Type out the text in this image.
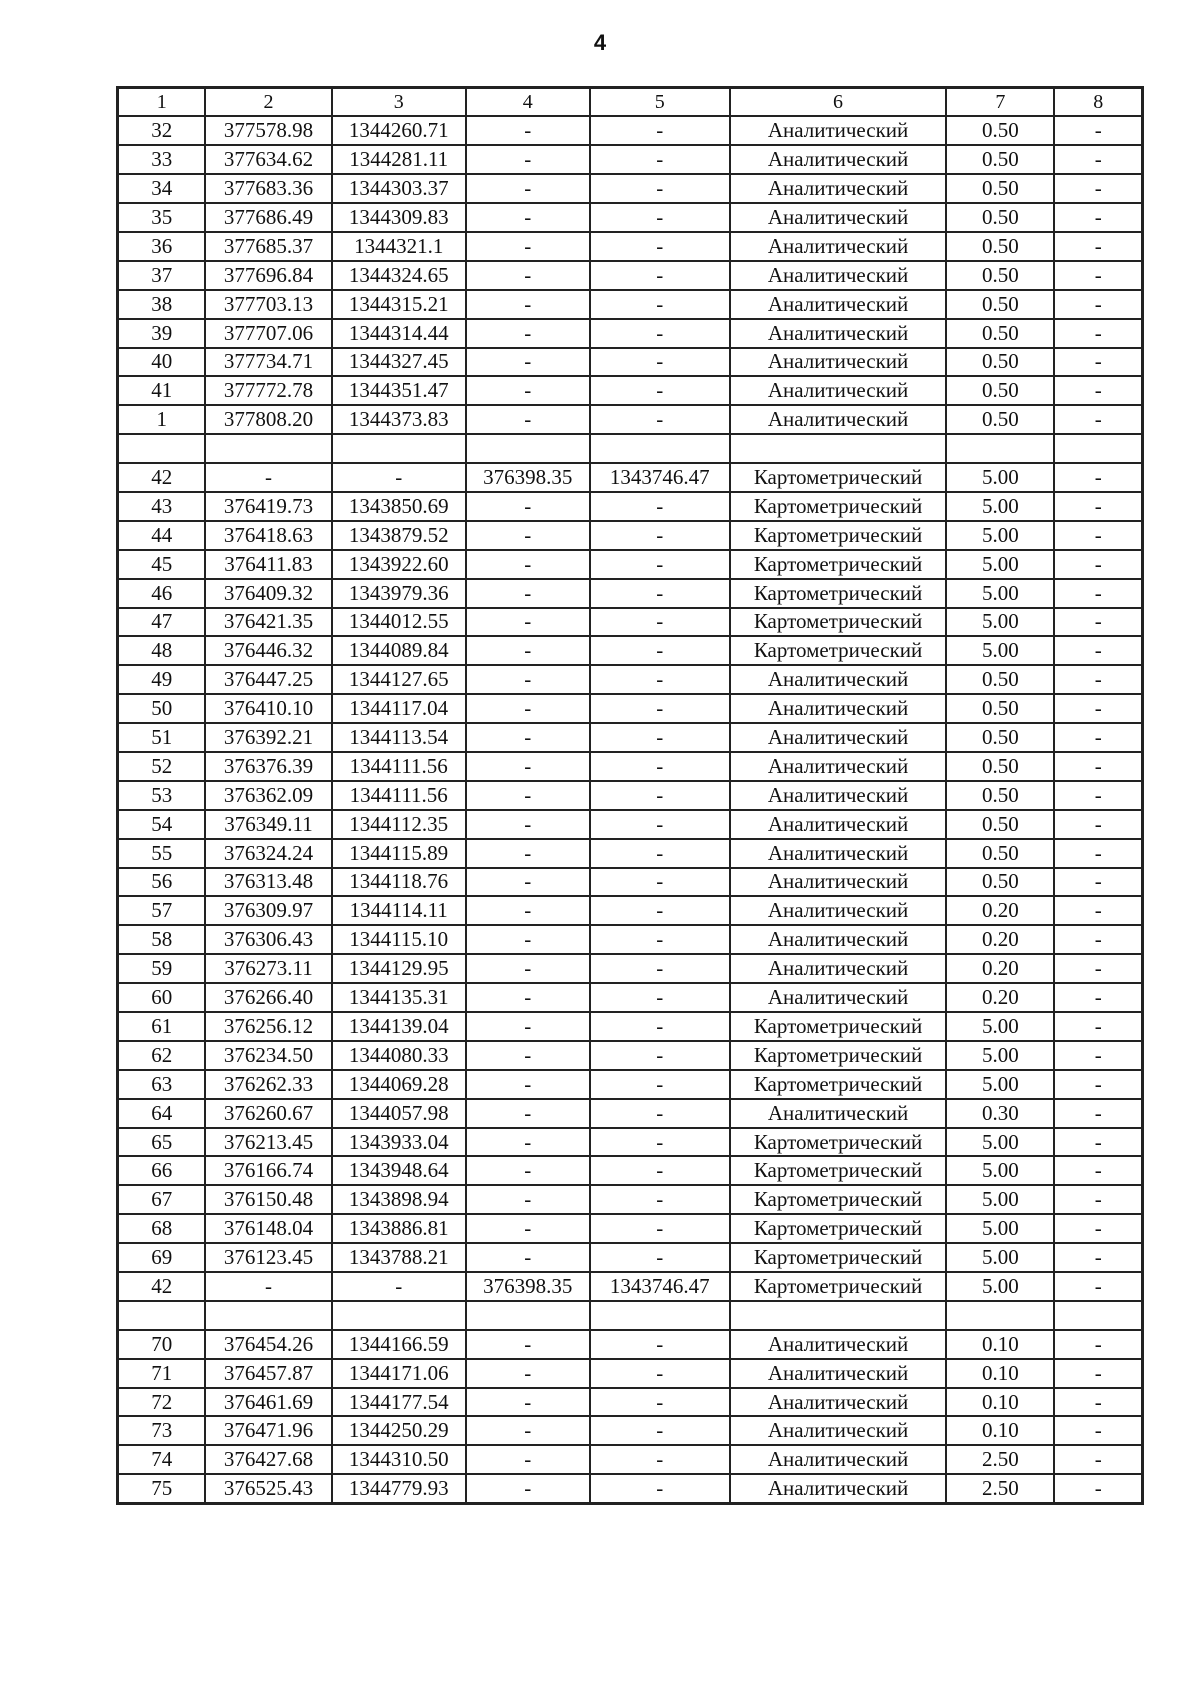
4
1	2	3	4	5	6	7	8
32	377578.98	1344260.71	-	-	Аналитический	0.50	-
33	377634.62	1344281.11	-	-	Аналитический	0.50	-
34	377683.36	1344303.37	-	-	Аналитический	0.50	-
35	377686.49	1344309.83	-	-	Аналитический	0.50	-
36	377685.37	1344321.1	-	-	Аналитический	0.50	-
37	377696.84	1344324.65	-	-	Аналитический	0.50	-
38	377703.13	1344315.21	-	-	Аналитический	0.50	-
39	377707.06	1344314.44	-	-	Аналитический	0.50	-
40	377734.71	1344327.45	-	-	Аналитический	0.50	-
41	377772.78	1344351.47	-	-	Аналитический	0.50	-
1	377808.20	1344373.83	-	-	Аналитический	0.50	-

42	-	-	376398.35	1343746.47	Картометрический	5.00	-
43	376419.73	1343850.69	-	-	Картометрический	5.00	-
44	376418.63	1343879.52	-	-	Картометрический	5.00	-
45	376411.83	1343922.60	-	-	Картометрический	5.00	-
46	376409.32	1343979.36	-	-	Картометрический	5.00	-
47	376421.35	1344012.55	-	-	Картометрический	5.00	-
48	376446.32	1344089.84	-	-	Картометрический	5.00	-
49	376447.25	1344127.65	-	-	Аналитический	0.50	-
50	376410.10	1344117.04	-	-	Аналитический	0.50	-
51	376392.21	1344113.54	-	-	Аналитический	0.50	-
52	376376.39	1344111.56	-	-	Аналитический	0.50	-
53	376362.09	1344111.56	-	-	Аналитический	0.50	-
54	376349.11	1344112.35	-	-	Аналитический	0.50	-
55	376324.24	1344115.89	-	-	Аналитический	0.50	-
56	376313.48	1344118.76	-	-	Аналитический	0.50	-
57	376309.97	1344114.11	-	-	Аналитический	0.20	-
58	376306.43	1344115.10	-	-	Аналитический	0.20	-
59	376273.11	1344129.95	-	-	Аналитический	0.20	-
60	376266.40	1344135.31	-	-	Аналитический	0.20	-
61	376256.12	1344139.04	-	-	Картометрический	5.00	-
62	376234.50	1344080.33	-	-	Картометрический	5.00	-
63	376262.33	1344069.28	-	-	Картометрический	5.00	-
64	376260.67	1344057.98	-	-	Аналитический	0.30	-
65	376213.45	1343933.04	-	-	Картометрический	5.00	-
66	376166.74	1343948.64	-	-	Картометрический	5.00	-
67	376150.48	1343898.94	-	-	Картометрический	5.00	-
68	376148.04	1343886.81	-	-	Картометрический	5.00	-
69	376123.45	1343788.21	-	-	Картометрический	5.00	-
42	-	-	376398.35	1343746.47	Картометрический	5.00	-

70	376454.26	1344166.59	-	-	Аналитический	0.10	-
71	376457.87	1344171.06	-	-	Аналитический	0.10	-
72	376461.69	1344177.54	-	-	Аналитический	0.10	-
73	376471.96	1344250.29	-	-	Аналитический	0.10	-
74	376427.68	1344310.50	-	-	Аналитический	2.50	-
75	376525.43	1344779.93	-	-	Аналитический	2.50	-
